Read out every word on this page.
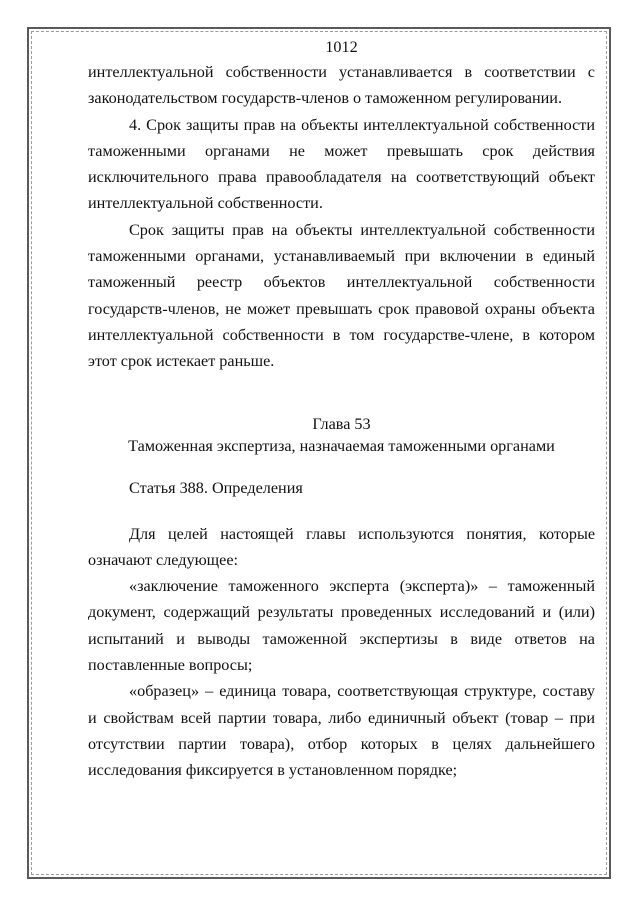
1012

интеллектуальной собственности устанавливается в соответствии с законодательством государств-членов о таможенном регулировании.

4. Срок защиты прав на объекты интеллектуальной собственности таможенными органами не может превышать срок действия исключительного права правообладателя на соответствующий объект интеллектуальной собственности.

Срок защиты прав на объекты интеллектуальной собственности таможенными органами, устанавливаемый при включении в единый таможенный реестр объектов интеллектуальной собственности государств-членов, не может превышать срок правовой охраны объекта интеллектуальной собственности в том государстве-члене, в котором этот срок истекает раньше.

Глава 53

Таможенная экспертиза, назначаемая таможенными органами

Статья 388. Определения

Для целей настоящей главы используются понятия, которые означают следующее:

«заключение таможенного эксперта (эксперта)» – таможенный документ, содержащий результаты проведенных исследований и (или) испытаний и выводы таможенной экспертизы в виде ответов на поставленные вопросы;

«образец» – единица товара, соответствующая структуре, составу и свойствам всей партии товара, либо единичный объект (товар – при отсутствии партии товара), отбор которых в целях дальнейшего исследования фиксируется в установленном порядке;
